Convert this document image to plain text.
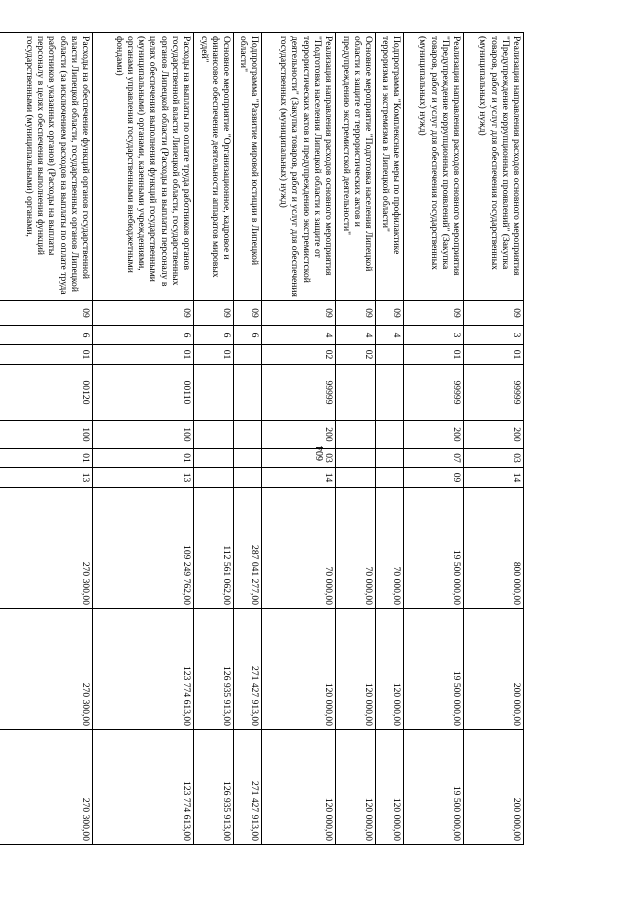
604
Реализация направления расходов основного мероприятия "Предупреждение коррупционных проявлений" (Закупка товаров, работ и услуг для обеспечения государственных (муниципальных) нужд)	09	3	01	99999	200	03	14	800 000,00	200 000,00	200 000,00
Реализация направления расходов основного мероприятия "Предупреждение коррупционных проявлений" (Закупка товаров, работ и услуг для обеспечения государственных (муниципальных) нужд)	09	3	01	99999	200	07	09	19 500 000,00	19 500 000,00	19 500 000,00
Подпрограмма "Комплексные меры по профилактике терроризма и экстремизма в Липецкой области"	09	4						70 000,00	120 000,00	120 000,00
Основное мероприятие "Подготовка населения Липецкой области к защите от террористических актов и предупреждению экстремистской деятельности"	09	4	02					70 000,00	120 000,00	120 000,00
Реализация направления расходов основного мероприятия "Подготовка населения Липецкой области к защите от террористических актов и предупреждению экстремистской деятельности" (Закупка товаров, работ и услуг для обеспечения государственных (муниципальных) нужд)	09	4	02	99999	200	03	14	70 000,00	120 000,00	120 000,00
Подпрограмма "Развитие мировой юстиции в Липецкой области"	09	6						287 041 277,00	271 427 913,00	271 427 913,00
Основное мероприятие "Организационное, кадровое и финансовое обеспечение деятельности аппаратов мировых судей"	09	6	01					112 561 062,00	126 935 913,00	126 935 913,00
Расходы на выплаты по оплате труда работников органов государственной власти Липецкой области, государственных органов Липецкой области (Расходы на выплаты персоналу в целях обеспечения выполнения функций государственными (муниципальными) органами, казенными учреждениями, органами управления государственными внебюджетными фондами)	09	6	01	00110	100	01	13	109 249 762,00	123 774 613,00	123 774 613,00
Расходы на обеспечение функций органов государственной власти Липецкой области, государственных органов Липецкой области (за исключением расходов на выплаты по оплате труда работников указанных органов) (Расходы на выплаты персоналу в целях обеспечения выполнения функций государственными (муниципальными) органами,	09	6	01	00120	100	01	13	270 300,00	270 300,00	270 300,00
